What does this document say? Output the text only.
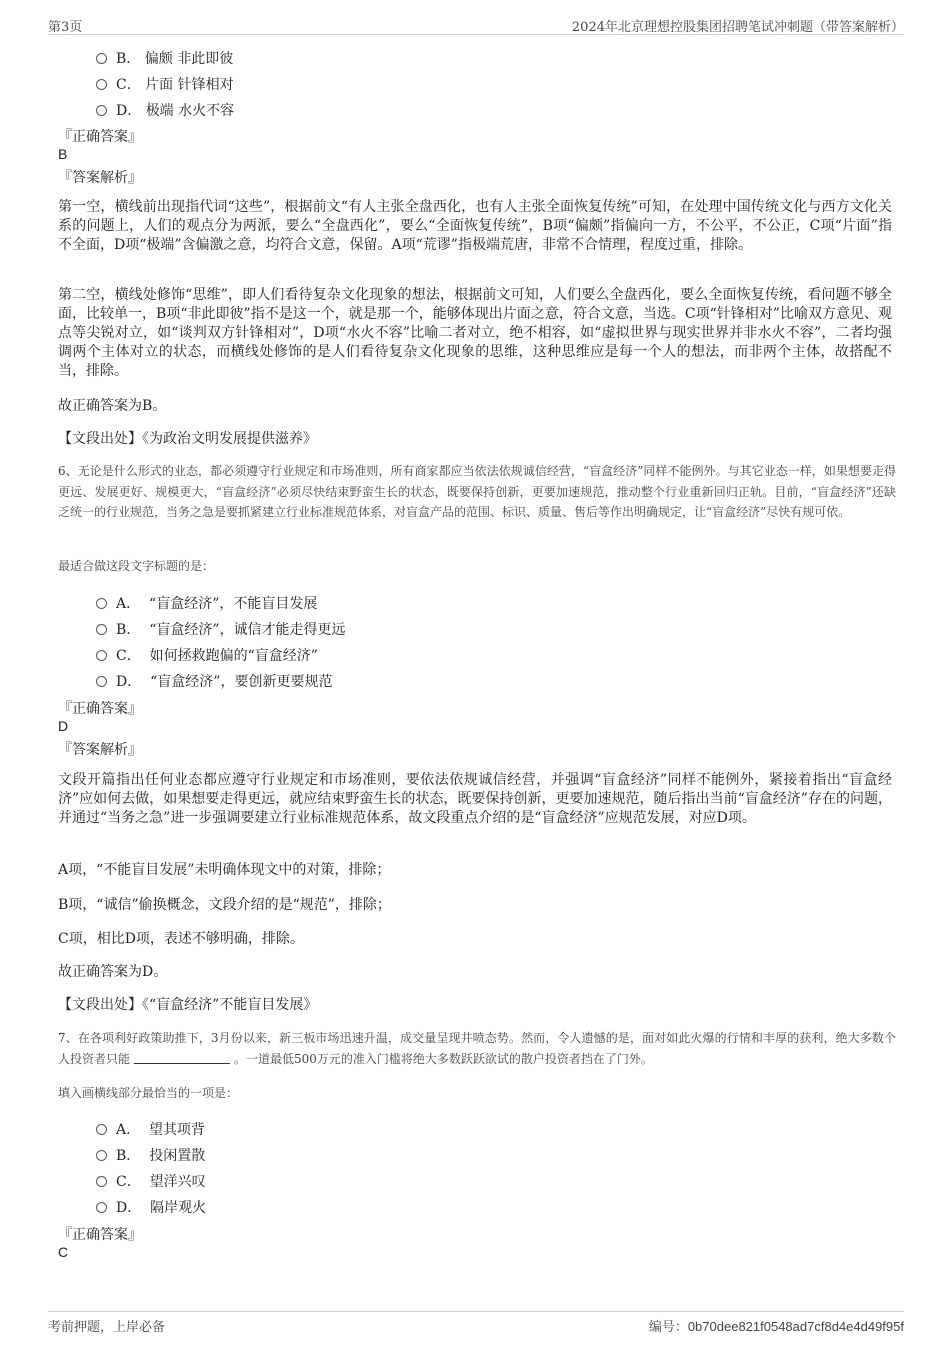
第3页	2024年北京理想控股集团招聘笔试冲刺题（带答案解析）
B． 偏颇 非此即彼
C． 片面 针锋相对
D． 极端 水火不容
『正确答案』
B
『答案解析』
第一空，横线前出现指代词“这些”，根据前文“有人主张全盘西化，也有人主张全面恢复传统”可知，在处理中国传统文化与西方文化关系的问题上，人们的观点分为两派，要么“全盘西化”，要么“全面恢复传统”，B项“偏颇”指偏向一方，不公平，不公正，C项“片面”指不全面，D项“极端”含偏激之意，均符合文意，保留。A项“荒谬”指极端荒唐，非常不合情理，程度过重，排除。
第二空，横线处修饰“思维”，即人们看待复杂文化现象的想法，根据前文可知，人们要么全盘西化，要么全面恢复传统，看问题不够全面，比较单一，B项“非此即彼”指不是这一个，就是那一个，能够体现出片面之意，符合文意，当选。C项“针锋相对”比喻双方意见、观点等尖锐对立，如“谈判双方针锋相对”，D项“水火不容”比喻二者对立，绝不相容，如“虚拟世界与现实世界并非水火不容”，二者均强调两个主体对立的状态，而横线处修饰的是人们看待复杂文化现象的思维，这种思维应是每一个人的想法，而非两个主体，故搭配不当，排除。
故正确答案为B。
【文段出处】《为政治文明发展提供滋养》
6、无论是什么形式的业态，都必须遵守行业规定和市场准则，所有商家都应当依法依规诚信经营，“盲盒经济”同样不能例外。与其它业态一样，如果想要走得更远、发展更好、规模更大，“盲盒经济”必须尽快结束野蛮生长的状态，既要保持创新，更要加速规范，推动整个行业重新回归正轨。目前，“盲盒经济”还缺乏统一的行业规范，当务之急是要抓紧建立行业标准规范体系，对盲盒产品的范围、标识、质量、售后等作出明确规定，让“盲盒经济”尽快有规可依。
最适合做这段文字标题的是：
A． “盲盒经济”，不能盲目发展
B． “盲盒经济”，诚信才能走得更远
C． 如何拯救跑偏的“盲盒经济”
D． “盲盒经济”，要创新更要规范
『正确答案』
D
『答案解析』
文段开篇指出任何业态都应遵守行业规定和市场准则，要依法依规诚信经营，并强调“盲盒经济”同样不能例外，紧接着指出“盲盒经济”应如何去做，如果想要走得更远，就应结束野蛮生长的状态，既要保持创新，更要加速规范，随后指出当前“盲盒经济”存在的问题，并通过“当务之急”进一步强调要建立行业标准规范体系，故文段重点介绍的是“盲盒经济”应规范发展，对应D项。
A项，“不能盲目发展”未明确体现文中的对策，排除；
B项，“诚信”偷换概念，文段介绍的是“规范”，排除；
C项，相比D项，表述不够明确，排除。
故正确答案为D。
【文段出处】《“盲盒经济”不能盲目发展》
7、在各项利好政策助推下，3月份以来，新三板市场迅速升温，成交量呈现井喷态势。然而，令人遗憾的是，面对如此火爆的行情和丰厚的获利，绝大多数个人投资者只能	。一道最低500万元的准入门槛将绝大多数跃跃欲试的散户投资者挡在了门外。
填入画横线部分最恰当的一项是：
A． 望其项背
B． 投闲置散
C． 望洋兴叹
D． 隔岸观火
『正确答案』
C
考前押题，上岸必备	编号：0b70dee821f0548ad7cf8d4e4d49f95f
